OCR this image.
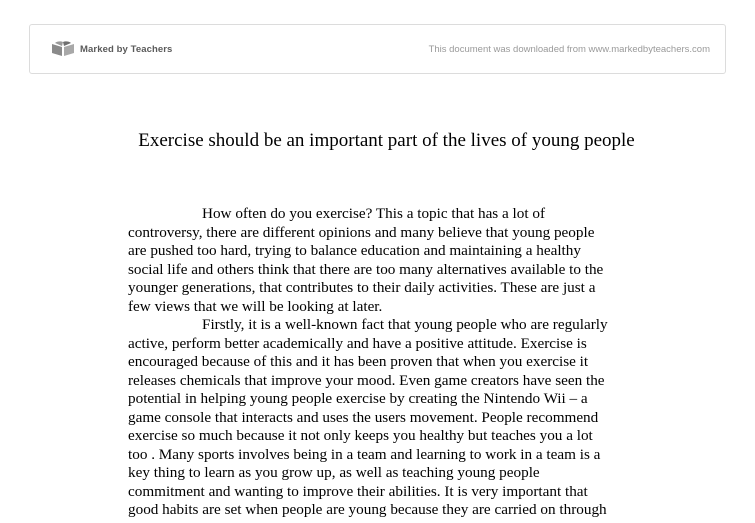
Marked by Teachers	This document was downloaded from www.markedbyteachers.com
Exercise should be an important part of the lives of young people

How often do you exercise? This a topic that has a lot of
controversy, there are different opinions and many believe that young people
are pushed too hard, trying to balance education and maintaining a healthy
social life and others think that there are too many alternatives available to the
younger generations, that contributes to their daily activities. These are just a
few views that we will be looking at later.

Firstly, it is a well-known fact that young people who are regularly
active, perform better academically and have a positive attitude. Exercise is
encouraged because of this and it has been proven that when you exercise it
releases chemicals that improve your mood. Even game creators have seen the
potential in helping young people exercise by creating the Nintendo Wii – a
game console that interacts and uses the users movement. People recommend
exercise so much because it not only keeps you healthy but teaches you a lot
too . Many sports involves being in a team and learning to work in a team is a
key thing to learn as you grow up, as well as teaching young people
commitment and wanting to improve their abilities. It is very important that
good habits are set when people are young because they are carried on through
